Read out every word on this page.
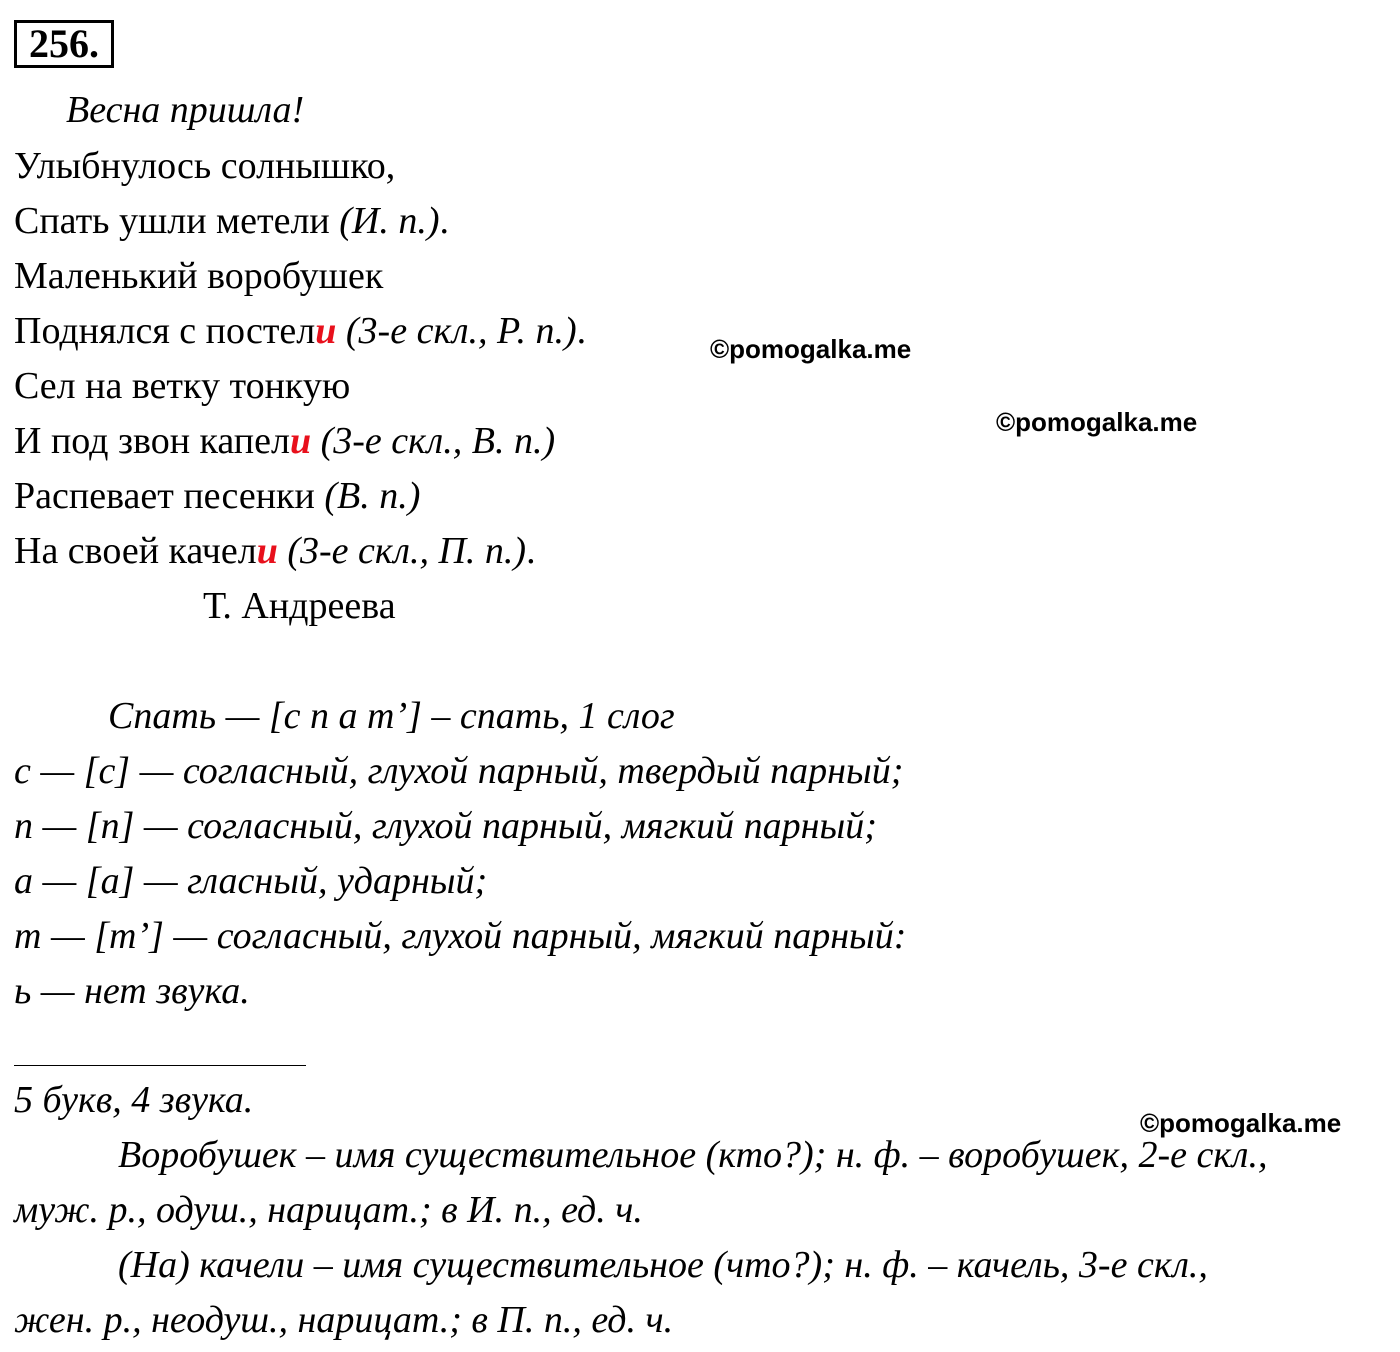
256.
Весна пришла!
Улыбнулось солнышко,
Спать ушли метели (И. п.).
Маленький воробушек
Поднялся с постели (3-е скл., Р. п.).
Сел на ветку тонкую
И под звон капели (3-е скл., В. п.)
Распевает песенки (В. п.)
На своей качели (3-е скл., П. п.).
Т. Андреева
Спать — [с п а т’] – спать, 1 слог
с — [с] — согласный, глухой парный, твердый парный;
п — [п] — согласный, глухой парный, мягкий парный;
а — [а] — гласный, ударный;
т — [т’] — согласный, глухой парный, мягкий парный:
ь — нет звука.
5 букв, 4 звука.
Воробушек – имя существительное (кто?); н. ф. – воробушек, 2-е скл.,
муж. р., одуш., нарицат.; в И. п., ед. ч.
(На) качели – имя существительное (что?); н. ф. – качель, 3-е скл.,
жен. р., неодуш., нарицат.; в П. п., ед. ч.
©pomogalka.me
©pomogalka.me
©pomogalka.me
